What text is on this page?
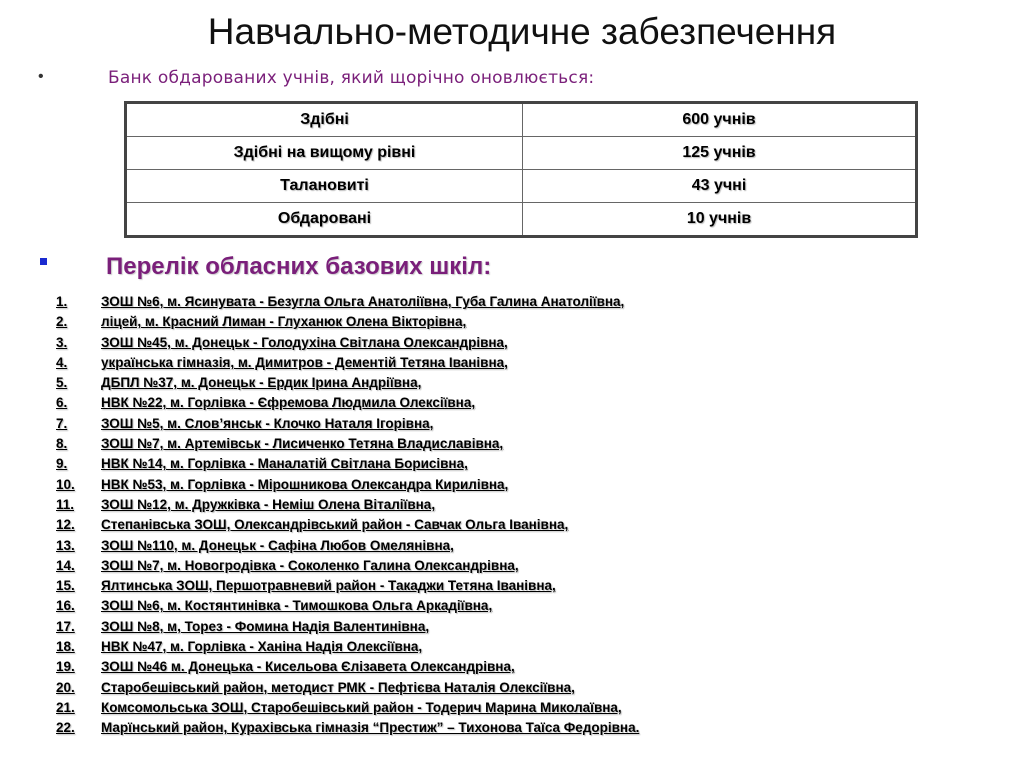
Навчально-методичне забезпечення
•	Банк обдарованих учнів, який щорічно оновлюється:
Здібні	600 учнів
Здібні на вищому рівні	125 учнів
Талановиті	43 учні
Обдаровані	10 учнів
Перелік обласних базових шкіл:
1.	ЗОШ №6, м. Ясинувата - Безугла Ольга Анатоліївна, Губа Галина Анатоліївна,
2.	ліцей, м. Красний Лиман - Глуханюк Олена Вікторівна,
3.	ЗОШ №45, м. Донецьк - Голодухіна Світлана Олександрівна,
4.	українська гімназія, м. Димитров - Дементій Тетяна Іванівна,
5.	ДБПЛ №37, м. Донецьк - Ердик Ірина Андріївна,
6.	НВК №22, м. Горлівка - Єфремова Людмила Олексіївна,
7.	ЗОШ №5, м. Слов’янськ - Клочко Наталя Ігорівна,
8.	ЗОШ №7, м. Артемівськ - Лисиченко Тетяна Владиславівна,
9.	НВК №14, м. Горлівка - Маналатій Світлана Борисівна,
10.	НВК №53, м. Горлівка - Мірошникова Олександра Кирилівна,
11.	ЗОШ №12, м. Дружківка - Неміш Олена Віталіївна,
12.	Степанівська ЗОШ, Олександрівський район - Савчак Ольга Іванівна,
13.	ЗОШ №110, м. Донецьк - Сафіна Любов Омелянівна,
14.	ЗОШ №7, м. Новогродівка - Соколенко Галина Олександрівна,
15.	Ялтинська ЗОШ, Першотравневий район - Такаджи Тетяна Іванівна,
16.	ЗОШ №6, м. Костянтинівка - Тимошкова Ольга Аркадіївна,
17.	ЗОШ №8, м, Торез - Фомина Надія Валентинівна,
18.	НВК №47, м. Горлівка - Ханіна Надія Олексіївна,
19.	ЗОШ №46 м. Донецька - Кисельова Єлізавета Олександрівна,
20.	Старобешівський район, методист РМК - Пефтієва Наталія Олексіївна,
21.	Комсомольська ЗОШ, Старобешівський район - Тодерич Марина Миколаївна,
22.	Марїнський район, Курахівська гімназія “Престиж” – Тихонова Таїса Федорівна.
